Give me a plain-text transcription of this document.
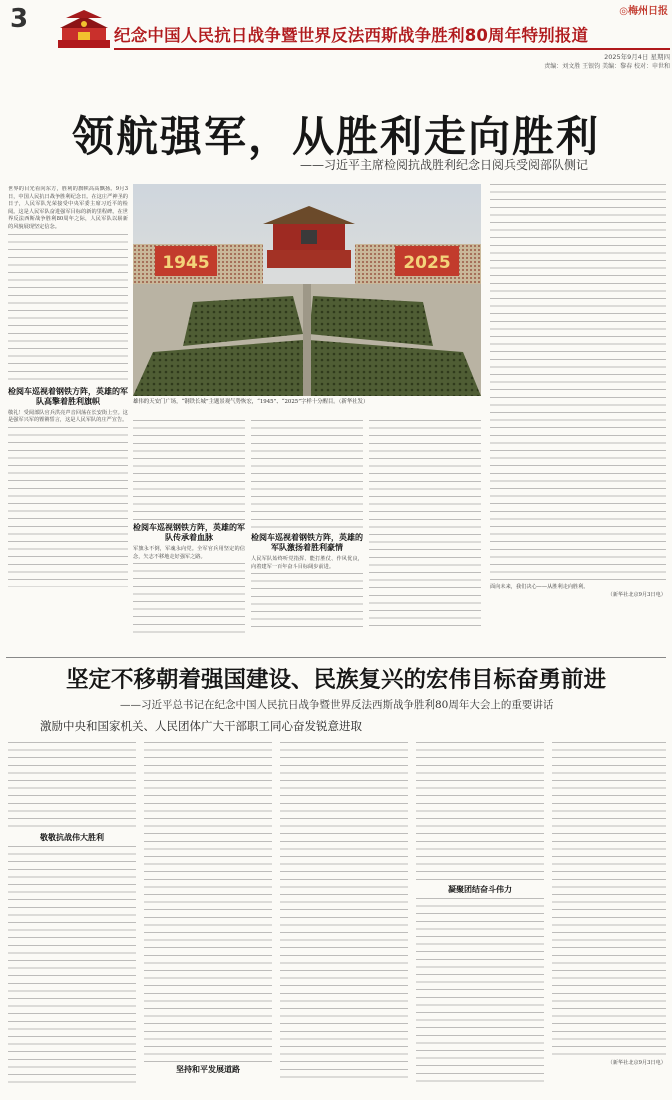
3
纪念中国人民抗日战争暨世界反法西斯战争胜利80周年特别报道
◎梅州日报
2025年9月4日 星期四
责编：刘文胜 王银钧 美编：黎春 校对：申世和
领航强军，从胜利走向胜利
——习近平主席检阅抗战胜利纪念日阅兵受阅部队侧记
世界的目光看向东方，胜利的旗帜高高飘扬。9月3日，中国人民抗日战争胜利纪念日。在这庄严神圣的日子，人民军队光荣接受中央军委主席习近平的检阅。这是人民军队奋进强军目标的新的里程碑。在世界反法西斯战争胜利80周年之际，人民军队以崭新的风貌展现坚定信念。
检阅车巡视着钢铁方阵，英雄的军队高擎着胜利旗帜
敬礼！受阅部队官兵洪亮声音回荡在长安街上空。这是强军兴军的铿锵誓言，这是人民军队的庄严宣告。
1945	2025
雄伟的天安门广场，“钢铁长城”主题景观气势恢宏，“1945”、“2025”字样十分醒目。（新华社发）
检阅车巡视钢铁方阵，英雄的军队传承着血脉
军旗永不倒，军魂永向党。全军官兵用坚定的信念，矢志不移地走好强军之路。
检阅车巡视着钢铁方阵，英雄的军队激扬着胜利豪情
人民军队始终听党指挥、能打胜仗、作风优良，向着建军一百年奋斗目标阔步前进。
面向未来，我们决心——从胜利走向胜利。
（新华社北京9月3日电）
坚定不移朝着强国建设、民族复兴的宏伟目标奋勇前进
——习近平总书记在纪念中国人民抗日战争暨世界反法西斯战争胜利80周年大会上的重要讲话
激励中央和国家机关、人民团体广大干部职工同心奋发锐意进取
敬敬抗战伟大胜利
坚持和平发展道路
凝聚团结奋斗伟力
（新华社北京9月3日电）
